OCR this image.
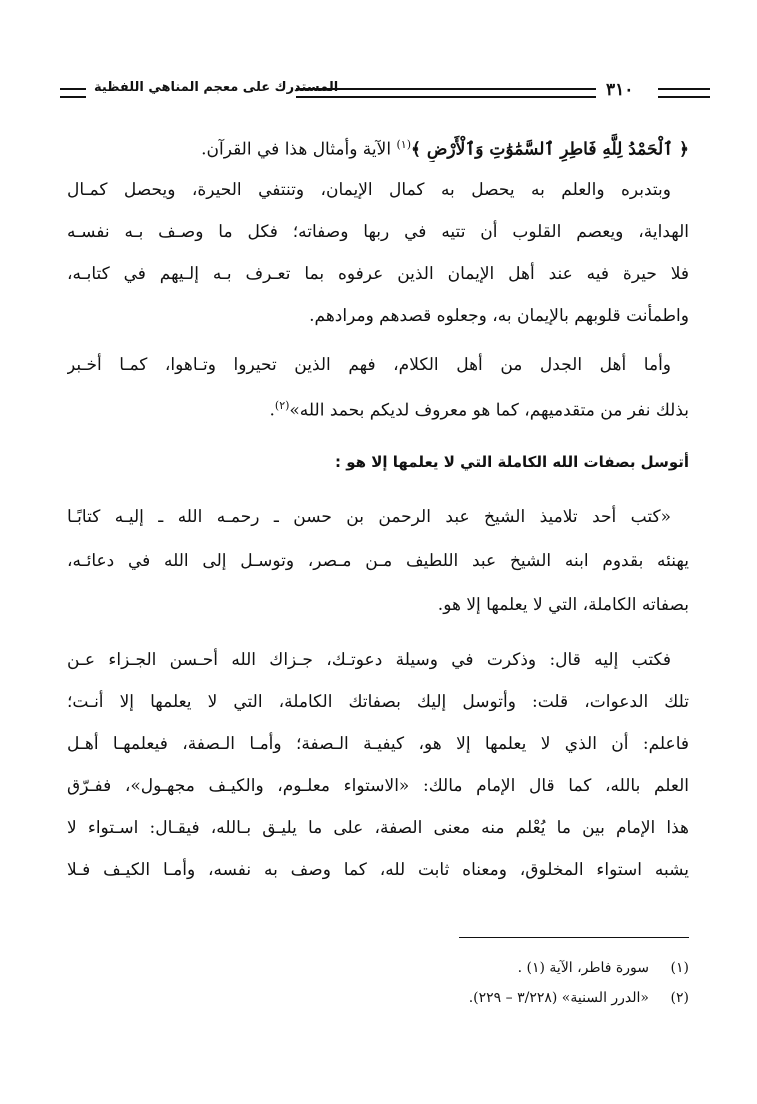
المستدرك على معجم المناهي اللفظية	٣١٠
﴿ ٱلْحَمْدُ لِلَّهِ فَاطِرِ ٱلسَّمَٰوَٰتِ وَٱلْأَرْضِ ﴾$^{(١)}$ الآية وأمثال هذا في القرآن.
وبتدبره والعلم به يحصل به كمال الإيمان، وتنتفي الحيرة، ويحصل كمـال
الهداية، ويعصم القلوب أن تتيه في ربها وصفاته؛ فكل ما وصـف بـه نفسـه
فلا حيرة فيه عند أهل الإيمان الذين عرفوه بما تعـرف بـه إلـيهم في كتابـه،
واطمأنت قلوبهم بالإيمان به، وجعلوه قصدهم ومرادهم.
وأما أهل الجدل من أهل الكلام، فهم الذين تحيروا وتـاهوا، كمـا أخـبر
بذلك نفر من متقدميهم، كما هو معروف لديكم بحمد الله»$^{(٢)}$.
أتوسل بصفات الله الكاملة التي لا يعلمها إلا هو :
«كتب أحد تلاميذ الشيخ عبد الرحمن بن حسن ـ رحمـه الله ـ إليـه كتابًـا
يهنئه بقدوم ابنه الشيخ عبد اللطيف مـن مـصر، وتوسـل إلى الله في دعائـه،
بصفاته الكاملة، التي لا يعلمها إلا هو.
فكتب إليه قال: وذكرت في وسيلة دعوتـك، جـزاك الله أحـسن الجـزاء عـن
تلك الدعوات، قلت: وأتوسل إليك بصفاتك الكاملة، التي لا يعلمها إلا أنـت؛
فاعلم: أن الذي لا يعلمها إلا هو، كيفيـة الـصفة؛ وأمـا الـصفة، فيعلمهـا أهـل
العلم بالله، كما قال الإمام مالك: «الاستواء معلـوم، والكيـف مجهـول»، ففـرّق
هذا الإمام بين ما يُعْلم منه معنى الصفة، على ما يليـق بـالله، فيقـال: اسـتواء لا
يشبه استواء المخلوق، ومعناه ثابت لله، كما وصف به نفسه، وأمـا الكيـف فـلا
(١)سورة فاطر، الآية (١) .
(٢)«الدرر السنية» (٣/٢٢٨ – ٢٢٩).
